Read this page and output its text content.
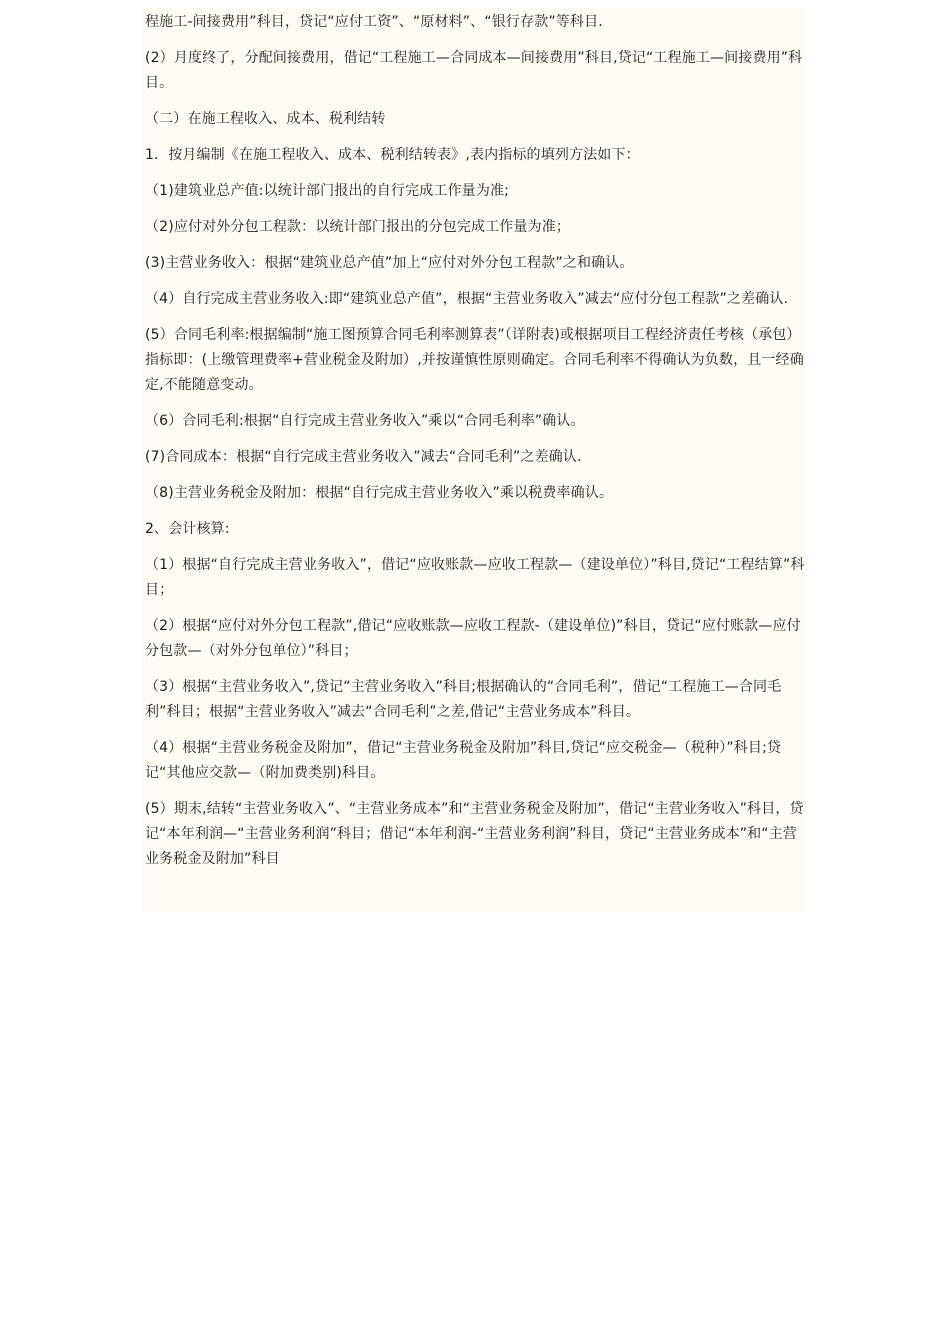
程施工-间接费用”科目，贷记“应付工资”、“原材料”、“银行存款”等科目.

(2）月度终了，分配间接费用，借记“工程施工—合同成本—间接费用”科目,贷记“工程施工—间接费用”科目。

（二）在施工程收入、成本、税利结转

1．按月编制《在施工程收入、成本、税利结转表》,表内指标的填列方法如下：

（1)建筑业总产值:以统计部门报出的自行完成工作量为准;

（2)应付对外分包工程款：以统计部门报出的分包完成工作量为准；

(3)主营业务收入：根据“建筑业总产值”加上“应付对外分包工程款”之和确认。

（4）自行完成主营业务收入:即“建筑业总产值”，根据“主营业务收入”减去“应付分包工程款”之差确认.

(5）合同毛利率:根据编制“施工图预算合同毛利率测算表”（详附表)或根据项目工程经济责任考核（承包）指标即：(上缴管理费率+营业税金及附加）,并按谨慎性原则确定。合同毛利率不得确认为负数，且一经确定,不能随意变动。

（6）合同毛利:根据“自行完成主营业务收入”乘以“合同毛利率”确认。

(7)合同成本：根据“自行完成主营业务收入”减去“合同毛利”之差确认.

（8)主营业务税金及附加：根据“自行完成主营业务收入”乘以税费率确认。

2、会计核算:

（1）根据“自行完成主营业务收入”，借记“应收账款—应收工程款—（建设单位）”科目,贷记“工程结算”科目；

（2）根据“应付对外分包工程款”,借记“应收账款—应收工程款-（建设单位)”科目，贷记“应付账款—应付分包款—（对外分包单位）”科目；

（3）根据“主营业务收入”,贷记“主营业务收入”科目;根据确认的“合同毛利”，借记“工程施工—合同毛利”科目；根据“主营业务收入”减去“合同毛利”之差,借记“主营业务成本”科目。

（4）根据“主营业务税金及附加”，借记“主营业务税金及附加”科目,贷记“应交税金—（税种）”科目;贷记“其他应交款—（附加费类别)科目。

(5）期末,结转“主营业务收入”、“主营业务成本”和“主营业务税金及附加”，借记“主营业务收入”科目，贷记“本年利润—“主营业务利润”科目；借记“本年利润-“主营业务利润”科目，贷记“主营业务成本”和“主营业务税金及附加”科目
